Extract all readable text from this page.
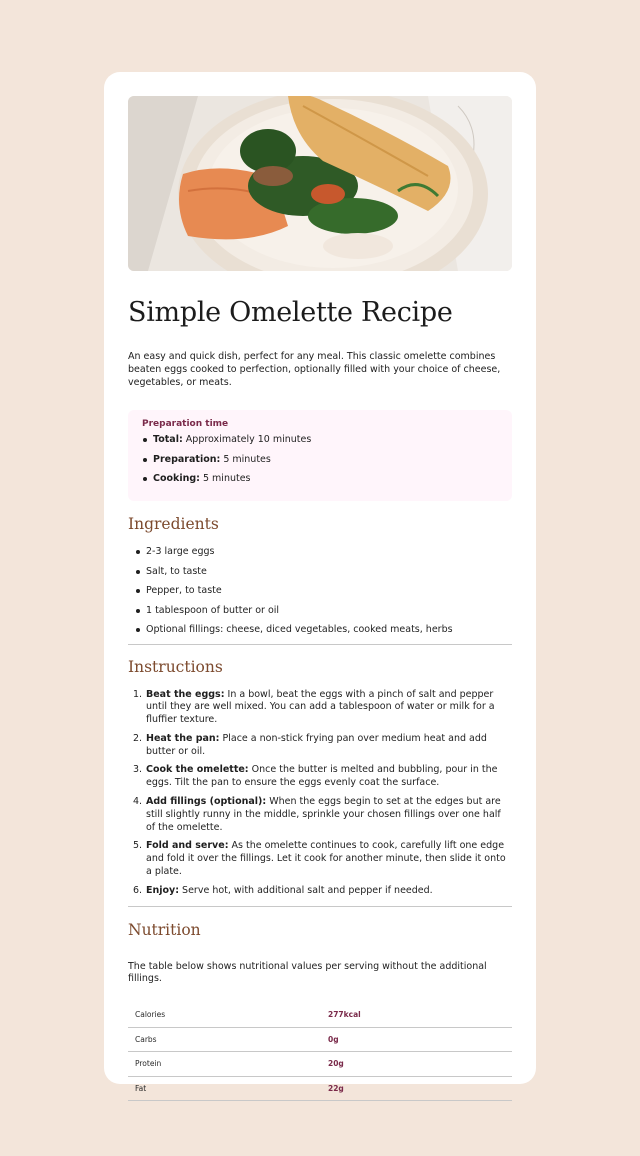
Simple Omelette Recipe

An easy and quick dish, perfect for any meal. This classic omelette combines beaten eggs cooked to perfection, optionally filled with your choice of cheese, vegetables, or meats.

Preparation time
Total: Approximately 10 minutes
Preparation: 5 minutes
Cooking: 5 minutes
Ingredients
2-3 large eggs
Salt, to taste
Pepper, to taste
1 tablespoon of butter or oil
Optional fillings: cheese, diced vegetables, cooked meats, herbs
Instructions
1. Beat the eggs: In a bowl, beat the eggs with a pinch of salt and pepper until they are well mixed. You can add a tablespoon of water or milk for a fluffier texture.
2. Heat the pan: Place a non-stick frying pan over medium heat and add butter or oil.
3. Cook the omelette: Once the butter is melted and bubbling, pour in the eggs. Tilt the pan to ensure the eggs evenly coat the surface.
4. Add fillings (optional): When the eggs begin to set at the edges but are still slightly runny in the middle, sprinkle your chosen fillings over one half of the omelette.
5. Fold and serve: As the omelette continues to cook, carefully lift one edge and fold it over the fillings. Let it cook for another minute, then slide it onto a plate.
6. Enjoy: Serve hot, with additional salt and pepper if needed.
Nutrition

The table below shows nutritional values per serving without the additional fillings.

Calories	277kcal
Carbs	0g
Protein	20g
Fat	22g
